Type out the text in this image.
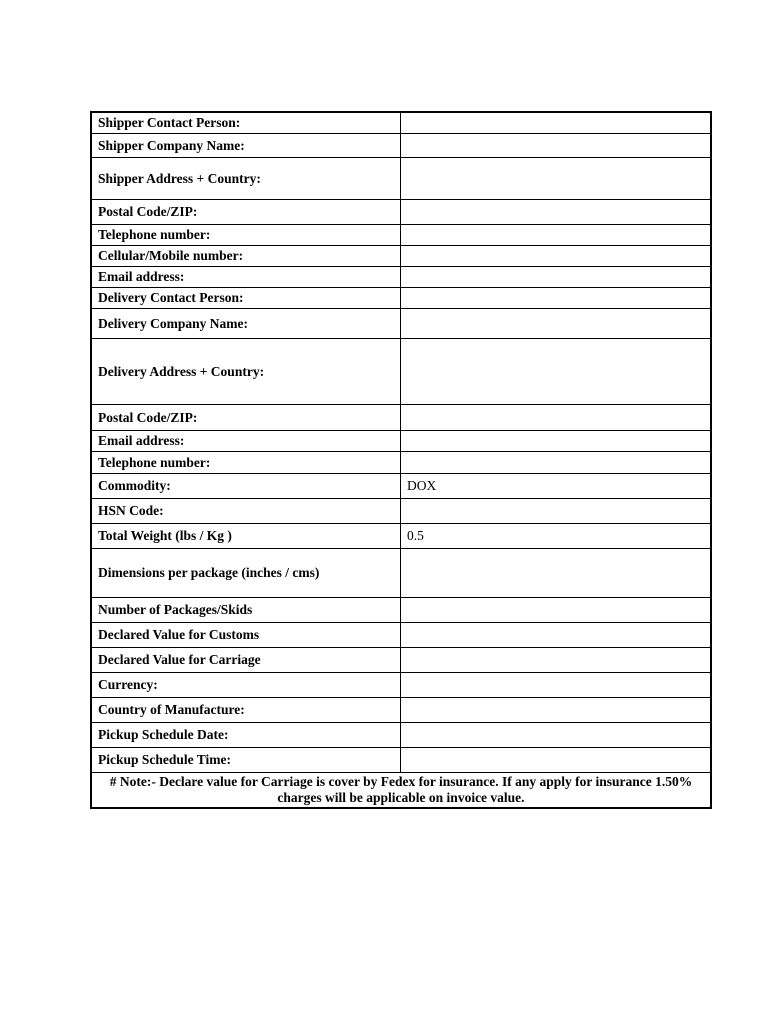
Shipper Contact Person:	
Shipper Company Name:	
Shipper Address + Country:	
Postal Code/ZIP:	
Telephone number:	
Cellular/Mobile number:	
Email address:	
Delivery Contact Person:	
Delivery Company Name:	
Delivery Address + Country:	
Postal Code/ZIP:	
Email address:	
Telephone number:	
Commodity:	DOX
HSN Code:	
Total Weight (lbs / Kg )	0.5
Dimensions per package (inches / cms)	
Number of Packages/Skids	
Declared Value for Customs	
Declared Value for Carriage	
Currency:	
Country of Manufacture:	
Pickup Schedule Date:	
Pickup Schedule Time:	
# Note:- Declare value for Carriage is cover by Fedex for insurance. If any apply for insurance 1.50% charges will be applicable on invoice value.	
